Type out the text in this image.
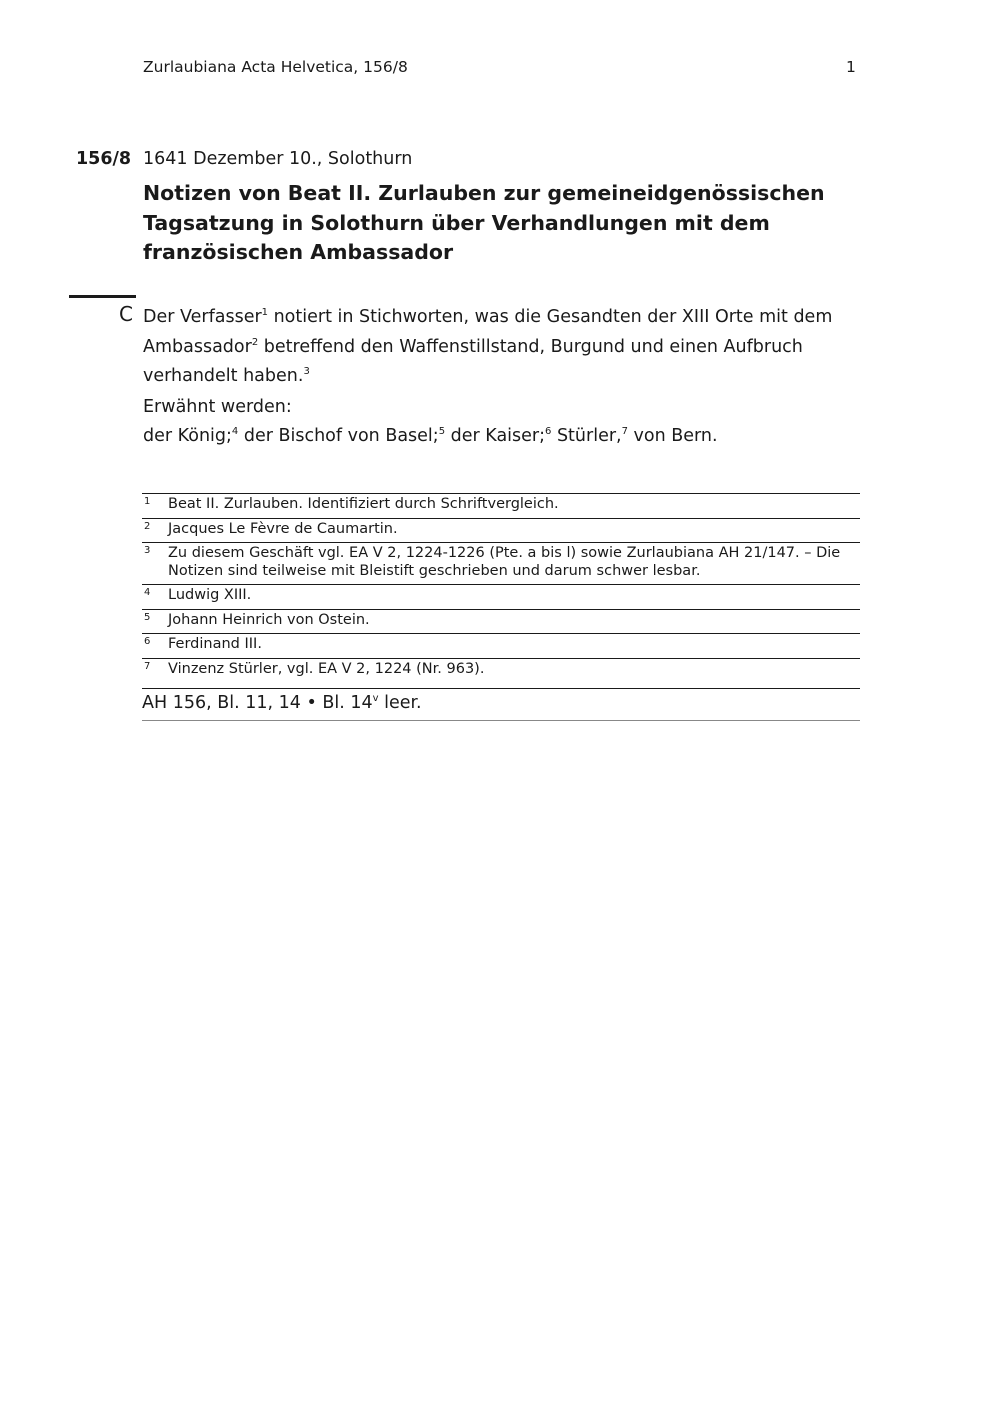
Zurlaubiana Acta Helvetica, 156/8	1
156/8 1641 Dezember 10., Solothurn
Notizen von Beat II. Zurlauben zur gemeineidgenössischen Tagsatzung in Solothurn über Verhandlungen mit dem französischen Ambassador
C Der Verfasser$^1$ notiert in Stichworten, was die Gesandten der XIII Orte mit dem Ambassador$^2$ betreffend den Waffenstillstand, Burgund und einen Aufbruch verhandelt haben.$^3$

Erwähnt werden:
der König;$^4$ der Bischof von Basel;$^5$ der Kaiser;$^6$ Stürler,$^7$ von Bern.
1	Beat II. Zurlauben. Identifiziert durch Schriftvergleich.
2	Jacques Le Fèvre de Caumartin.
3	Zu diesem Geschäft vgl. EA V 2, 1224-1226 (Pte. a bis l) sowie Zurlaubiana AH 21/147. – Die Notizen sind teilweise mit Bleistift geschrieben und darum schwer lesbar.
4	Ludwig XIII.
5	Johann Heinrich von Ostein.
6	Ferdinand III.
7	Vinzenz Stürler, vgl. EA V 2, 1224 (Nr. 963).
AH 156, Bl. 11, 14 • Bl. 14$^v$ leer.
